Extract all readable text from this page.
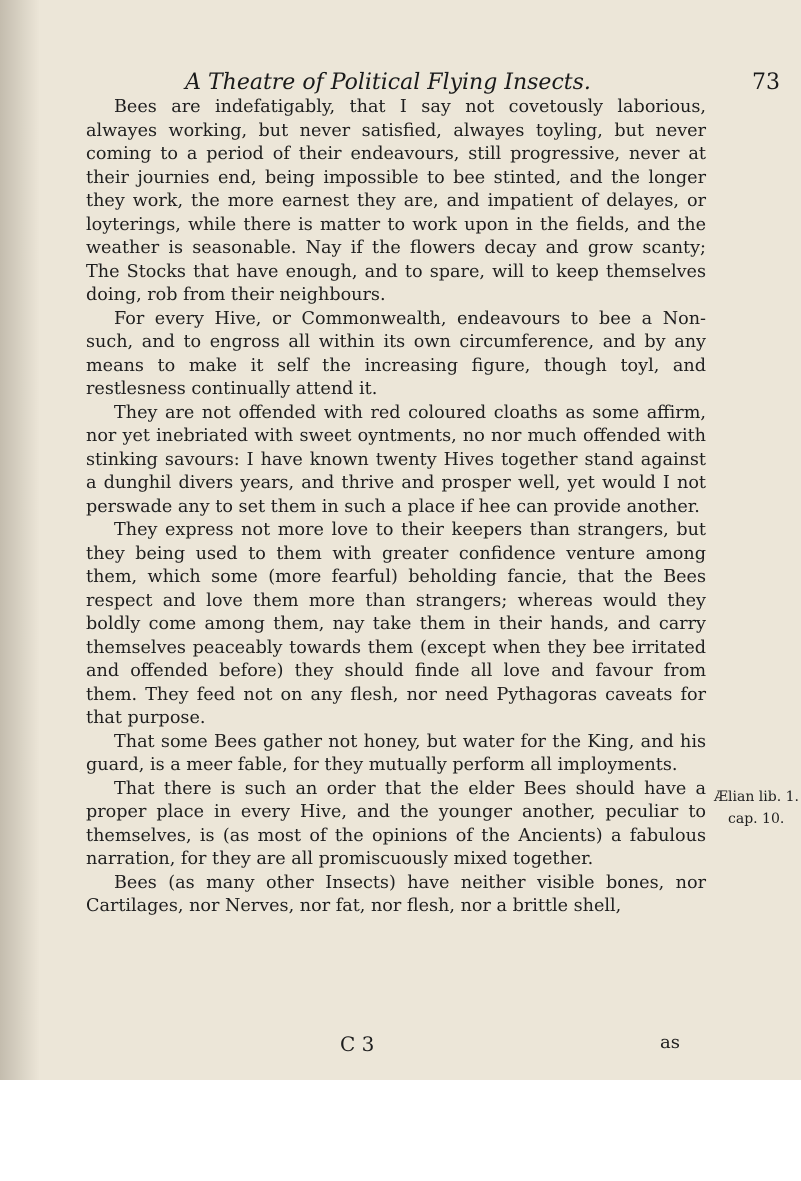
A Theatre of Political Flying Insects.	73

Bees are indefatigably, that I say not covetously laborious, alwayes working, but never satisfied, alwayes toyling, but never coming to a period of their endeavours, still progressive, never at their journies end, being impossible to bee stinted, and the longer they work, the more earnest they are, and impatient of delayes, or loyterings, while there is matter to work upon in the fields, and the weather is seasonable. Nay if the flowers decay and grow scanty; The Stocks that have enough, and to spare, will to keep themselves doing, rob from their neighbours.

For every Hive, or Commonwealth, endeavours to bee a Non-such, and to engross all within its own circumference, and by any means to make it self the increasing figure, though toyl, and restlesness continually attend it.

They are not offended with red coloured cloaths as some affirm, nor yet inebriated with sweet oyntments, no nor much offended with stinking savours: I have known twenty Hives together stand against a dunghil divers years, and thrive and prosper well, yet would I not perswade any to set them in such a place if hee can provide another.

They express not more love to their keepers than strangers, but they being used to them with greater confidence venture among them, which some (more fearful) beholding fancie, that the Bees respect and love them more than strangers; whereas would they boldly come among them, nay take them in their hands, and carry themselves peaceably towards them (except when they bee irritated and offended before) they should finde all love and favour from them. They feed not on any flesh, nor need Pythagoras caveats for that purpose.

That some Bees gather not honey, but water for the King, and his guard, is a meer fable, for they mutually perform all imployments.

That there is such an order that the elder Bees should have a proper place in every Hive, and the younger another, peculiar to themselves, is (as most of the opinions of the Ancients) a fabulous narration, for they are all promiscuously mixed together.

Bees (as many other Insects) have neither visible bones, nor Cartilages, nor Nerves, nor fat, nor flesh, nor a brittle shell,

Ælian lib. 1.
cap. 10.
C 3	as
